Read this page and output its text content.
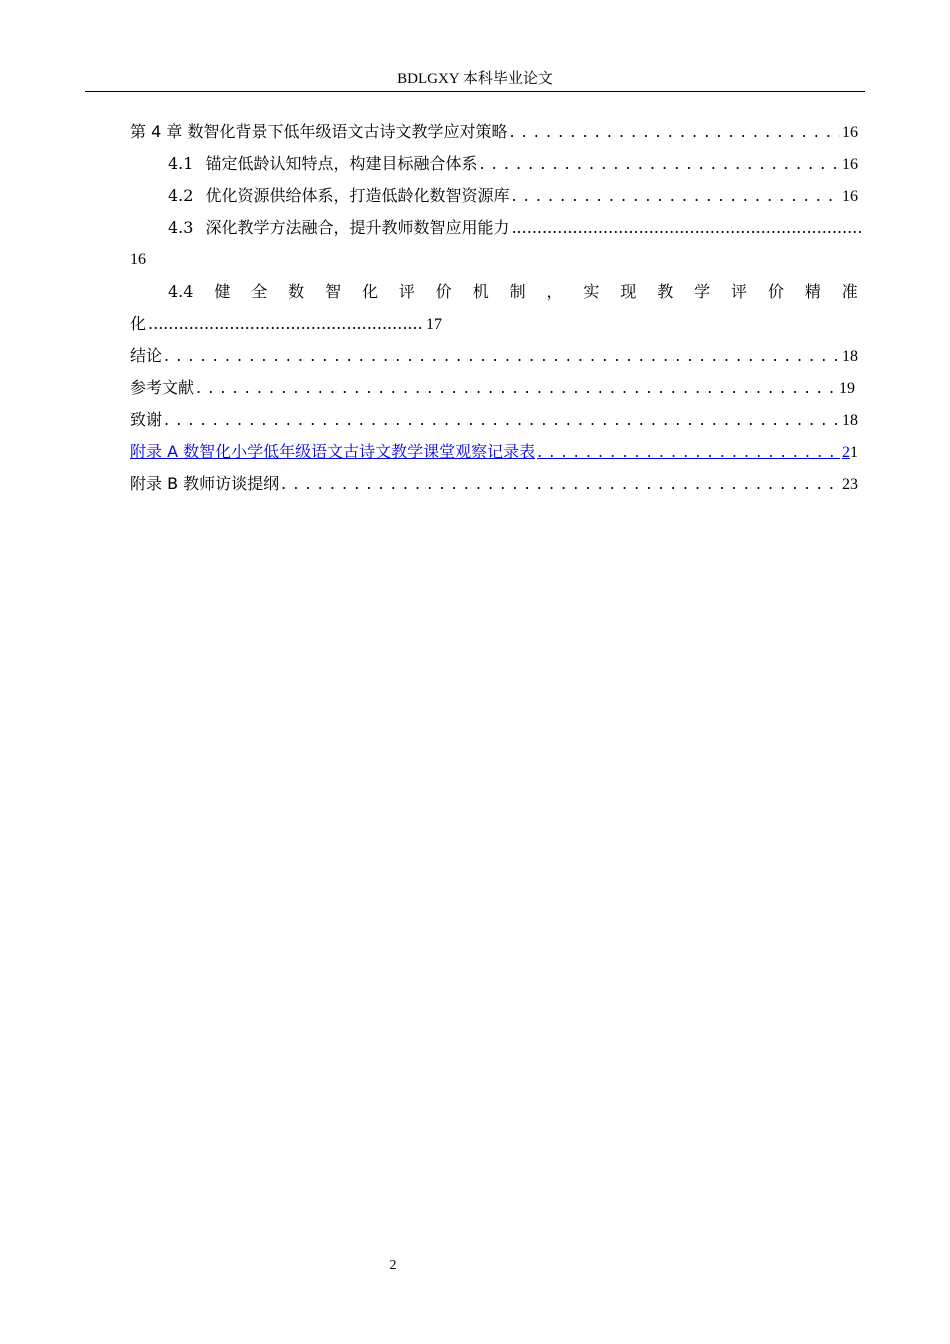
BDLGXY 本科毕业论文
第 4 章 数智化背景下低年级语文古诗文教学应对策略 . . .	16
4.1 锚定低龄认知特点，构建目标融合体系 . . .	16
4.2 优化资源供给体系，打造低龄化数智资源库 . . .	16
4.3 深化教学方法融合，提升教师数智应用能力
.....
16
4.4 健 全 数 智 化 评 价 机 制 ， 实 现 教 学 评 价 精 准
化 .....	17
结论 . . .	18
参考文献 . . .	19
致谢 . . .	18
附录 A 数智化小学低年级语文古诗文教学课堂观察记录表 . . .	2 1
附录 B 教师访谈提纲 . . .	23
2
